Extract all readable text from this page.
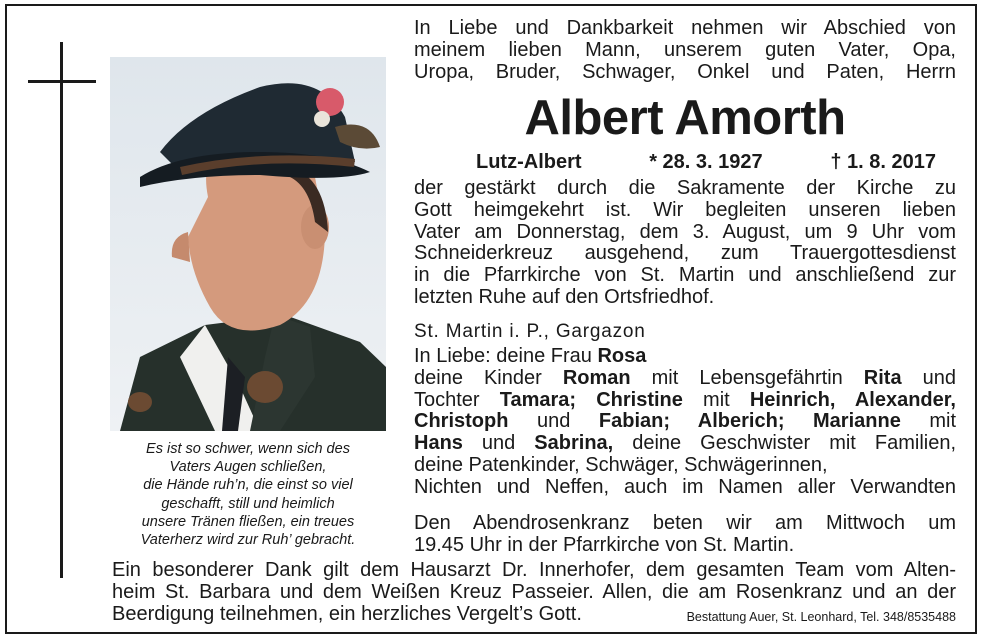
Es ist so schwer, wenn sich des
Vaters Augen schließen,
die Hände ruh’n, die einst so viel
geschafft, still und heimlich
unsere Tränen fließen, ein treues
Vaterherz wird zur Ruh’ gebracht.
In Liebe und Dankbarkeit nehmen wir Abschied von
meinem lieben Mann, unserem guten Vater, Opa,
Uropa, Bruder, Schwager, Onkel und Paten, Herrn
Albert Amorth
Lutz-Albert	* 28. 3. 1927	† 1. 8. 2017
der gestärkt durch die Sakramente der Kirche zu
Gott heimgekehrt ist. Wir begleiten unseren lieben
Vater am Donnerstag, dem 3. August, um 9 Uhr vom
Schneiderkreuz ausgehend, zum Trauergottesdienst
in die Pfarrkirche von St. Martin und anschließend zur
letzten Ruhe auf den Ortsfriedhof.
St. Martin i. P., Gargazon
In Liebe: deine Frau Rosa
deine Kinder Roman mit Lebensgefährtin Rita und
Tochter Tamara; Christine mit Heinrich, Alexander,
Christoph und Fabian; Alberich; Marianne mit
Hans und Sabrina, deine Geschwister mit Familien,
deine Patenkinder, Schwäger, Schwägerinnen,
Nichten und Neffen, auch im Namen aller Verwandten
Den Abendrosenkranz beten wir am Mittwoch um
19.45 Uhr in der Pfarrkirche von St. Martin.
Ein besonderer Dank gilt dem Hausarzt Dr. Innerhofer, dem gesamten Team vom Alten-
heim St. Barbara und dem Weißen Kreuz Passeier. Allen, die am Rosenkranz und an der
Beerdigung teilnehmen, ein herzliches Vergelt’s Gott.	Bestattung Auer, St. Leonhard, Tel. 348/8535488
